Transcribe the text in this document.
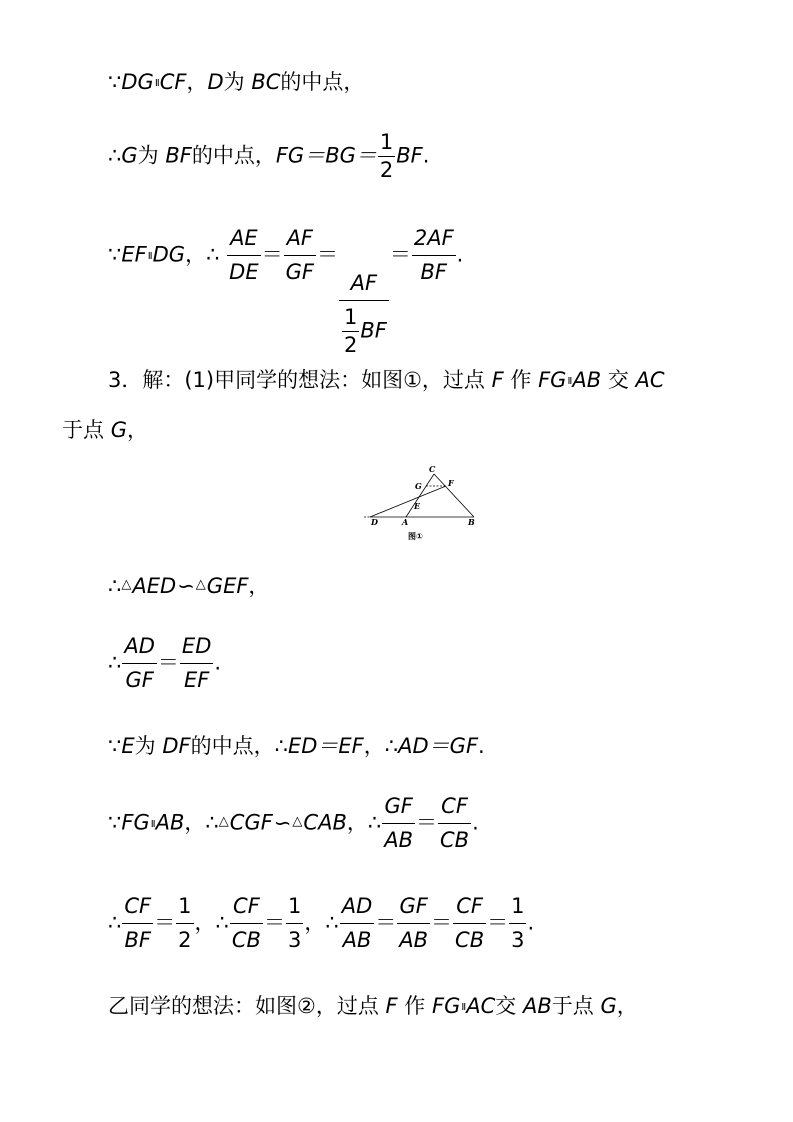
∵DGIICF，D为 BC的中点，
∴G为 BF的中点，$FG=BG= \frac{1}{2}$ BF.
∵EFIIDG，∴ $\frac{AE}{DE} = \frac{AF}{GF}$ ＝
$\frac{AF}{\frac{1}{2} BF}$
＝ $\frac{2AF}{BF}$ .
3．解：(1)甲同学的想法：如图①，过点 F 作 FGIIAB 交 AC
于点 G，
C
G	F
E
D	A	B
图①
∴△AED∽△GEF，
∴ $\frac{AD}{GF} = \frac{ED}{EF}$ .
∵E为 DF的中点，∴ED＝EF，∴AD＝GF.
∵FGIIAB，∴△CGF∽△CAB，∴ $\frac{GF}{AB} = \frac{CF}{CB}$ .
∴ $\frac{CF}{BF} = \frac{1}{2}$ ，∴ $\frac{CF}{CB} = \frac{1}{3}$ ，∴ $\frac{AD}{AB} = \frac{GF}{AB} = \frac{CF}{CB} = \frac{1}{3}$ .
乙同学的想法：如图②，过点 F 作 FGIIAC交 AB于点 G，
